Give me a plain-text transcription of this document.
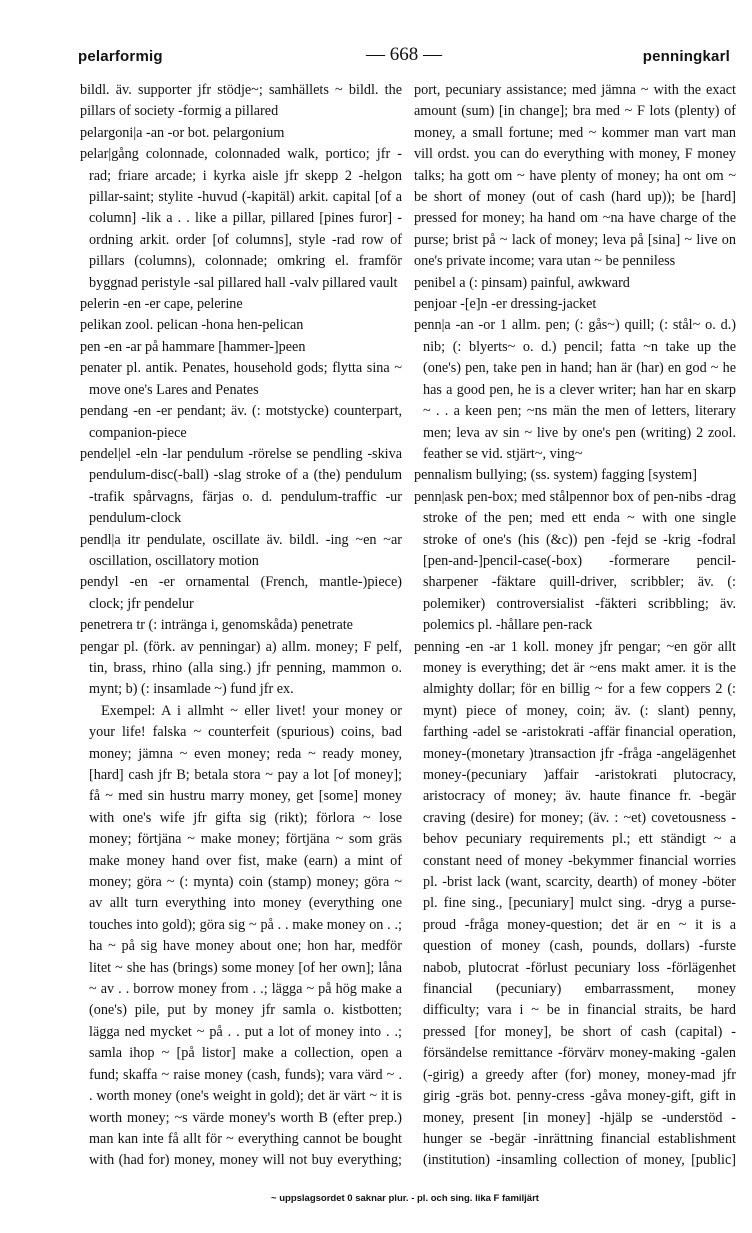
pelarformig	— 668 —	penningkarl

bildl. äv. supporter jfr stödje~; samhällets ~ bildl. the pillars of society -formig a pillared

pelargoni|a -an -or bot. pelargonium

pelar|gång colonnade, colonnaded walk, portico; jfr -rad; friare arcade; i kyrka aisle jfr skepp 2 -helgon pillar-saint; stylite -huvud (-kapitäl) arkit. capital [of a column] -lik a . . like a pillar, pillared [pines furor] -ordning arkit. order [of columns], style -rad row of pillars (columns), colonnade; omkring el. framför byggnad peristyle -sal pillared hall -valv pillared vault

pelerin -en -er cape, pelerine

pelikan zool. pelican -hona hen-pelican

pen -en -ar på hammare [hammer-]peen

penater pl. antik. Penates, household gods; flytta sina ~ move one's Lares and Penates

pendang -en -er pendant; äv. (: motstycke) counterpart, companion-piece

pendel|el -eln -lar pendulum -rörelse se pendling -skiva pendulum-disc(-ball) -slag stroke of a (the) pendulum -trafik spårvagns, färjas o. d. pendulum-traffic -ur pendulum-clock

pendl|a itr pendulate, oscillate äv. bildl. -ing ~en ~ar oscillation, oscillatory motion

pendyl -en -er ornamental (French, mantle-)piece) clock; jfr pendelur

penetrera tr (: intränga i, genomskåda) penetrate

pengar pl. (förk. av penningar) a) allm. money; F pelf, tin, brass, rhino (alla sing.) jfr penning, mammon o. mynt; b) (: insamlade ~) fund jfr ex.

Exempel: A i allmht ~ eller livet! your money or your life! falska ~ counterfeit (spurious) coins, bad money; jämna ~ even money; reda ~ ready money, [hard] cash jfr B; betala stora ~ pay a lot [of money]; få ~ med sin hustru marry money, get [some] money with one's wife jfr gifta sig (rikt); förlora ~ lose money; förtjäna ~ make money; förtjäna ~ som gräs make money hand over fist, make (earn) a mint of money; göra ~ (: mynta) coin (stamp) money; göra ~ av allt turn everything into money (everything one touches into gold); göra sig ~ på . . make money on . .; ha ~ på sig have money about one; hon har, medför litet ~ she has (brings) some money [of her own]; låna ~ av . . borrow money from . .; lägga ~ på hög make a (one's) pile, put by money jfr samla o. kistbotten; lägga ned mycket ~ på . . put a lot of money into . .; samla ihop ~ [på listor] make a collection, open a fund; skaffa ~ raise money (cash, funds); vara värd ~ . . worth money (one's weight in gold); det är värt ~ it is worth money; ~s värde money's worth B (efter prep.) man kan inte få allt för ~ everything cannot be bought with (had for) money, money will not buy everything;

port, pecuniary assistance; med jämna ~ with the exact amount (sum) [in change]; bra med ~ F lots (plenty) of money, a small fortune; med ~ kommer man vart man vill ordst. you can do everything with money, F money talks; ha gott om ~ have plenty of money; ha ont om ~ be short of money (out of cash (hard up)); be [hard] pressed for money; ha hand om ~na have charge of the purse; brist på ~ lack of money; leva på [sina] ~ live on one's private income; vara utan ~ be penniless

penibel a (: pinsam) painful, awkward

penjoar -[e]n -er dressing-jacket

penn|a -an -or 1 allm. pen; (: gås~) quill; (: stål~ o. d.) nib; (: blyerts~ o. d.) pencil; fatta ~n take up the (one's) pen, take pen in hand; han är (har) en god ~ he has a good pen, he is a clever writer; han har en skarp ~ . . a keen pen; ~ns män the men of letters, literary men; leva av sin ~ live by one's pen (writing) 2 zool. feather se vid. stjärt~, ving~

pennalism bullying; (ss. system) fagging [system]

penn|ask pen-box; med stålpennor box of pen-nibs -drag stroke of the pen; med ett enda ~ with one single stroke of one's (his (&c)) pen -fejd se -krig -fodral [pen-and-]pencil-case(-box) -formerare pencil-sharpener -fäktare quill-driver, scribbler; äv. (: polemiker) controversialist -fäkteri scribbling; äv. polemics pl. -hållare pen-rack

penning -en -ar 1 koll. money jfr pengar; ~en gör allt money is everything; det är ~ens makt amer. it is the almighty dollar; för en billig ~ for a few coppers 2 (: mynt) piece of money, coin; äv. (: slant) penny, farthing -adel se -aristokrati -affär financial operation, money-(monetary )transaction jfr -fråga -angelägenhet money-(pecuniary )affair -aristokrati plutocracy, aristocracy of money; äv. haute finance fr. -begär craving (desire) for money; (äv. : ~et) covetousness -behov pecuniary requirements pl.; ett ständigt ~ a constant need of money -bekymmer financial worries pl. -brist lack (want, scarcity, dearth) of money -böter pl. fine sing., [pecuniary] mulct sing. -dryg a purse-proud -fråga money-question; det är en ~ it is a question of money (cash, pounds, dollars) -furste nabob, plutocrat -förlust pecuniary loss -förlägenhet financial (pecuniary) embarrassment, money difficulty; vara i ~ be in financial straits, be hard pressed [for money], be short of cash (capital) -försändelse remittance -förvärv money-making -galen (-girig) a greedy after (for) money, money-mad jfr girig -gräs bot. penny-cress -gåva money-gift, gift in money, present [in money] -hjälp se -understöd -hunger se -begär -inrättning financial establishment (institution) -insamling collection of money, [public]

~ uppslagsordet 0 saknar plur. - pl. och sing. lika F familjärt
